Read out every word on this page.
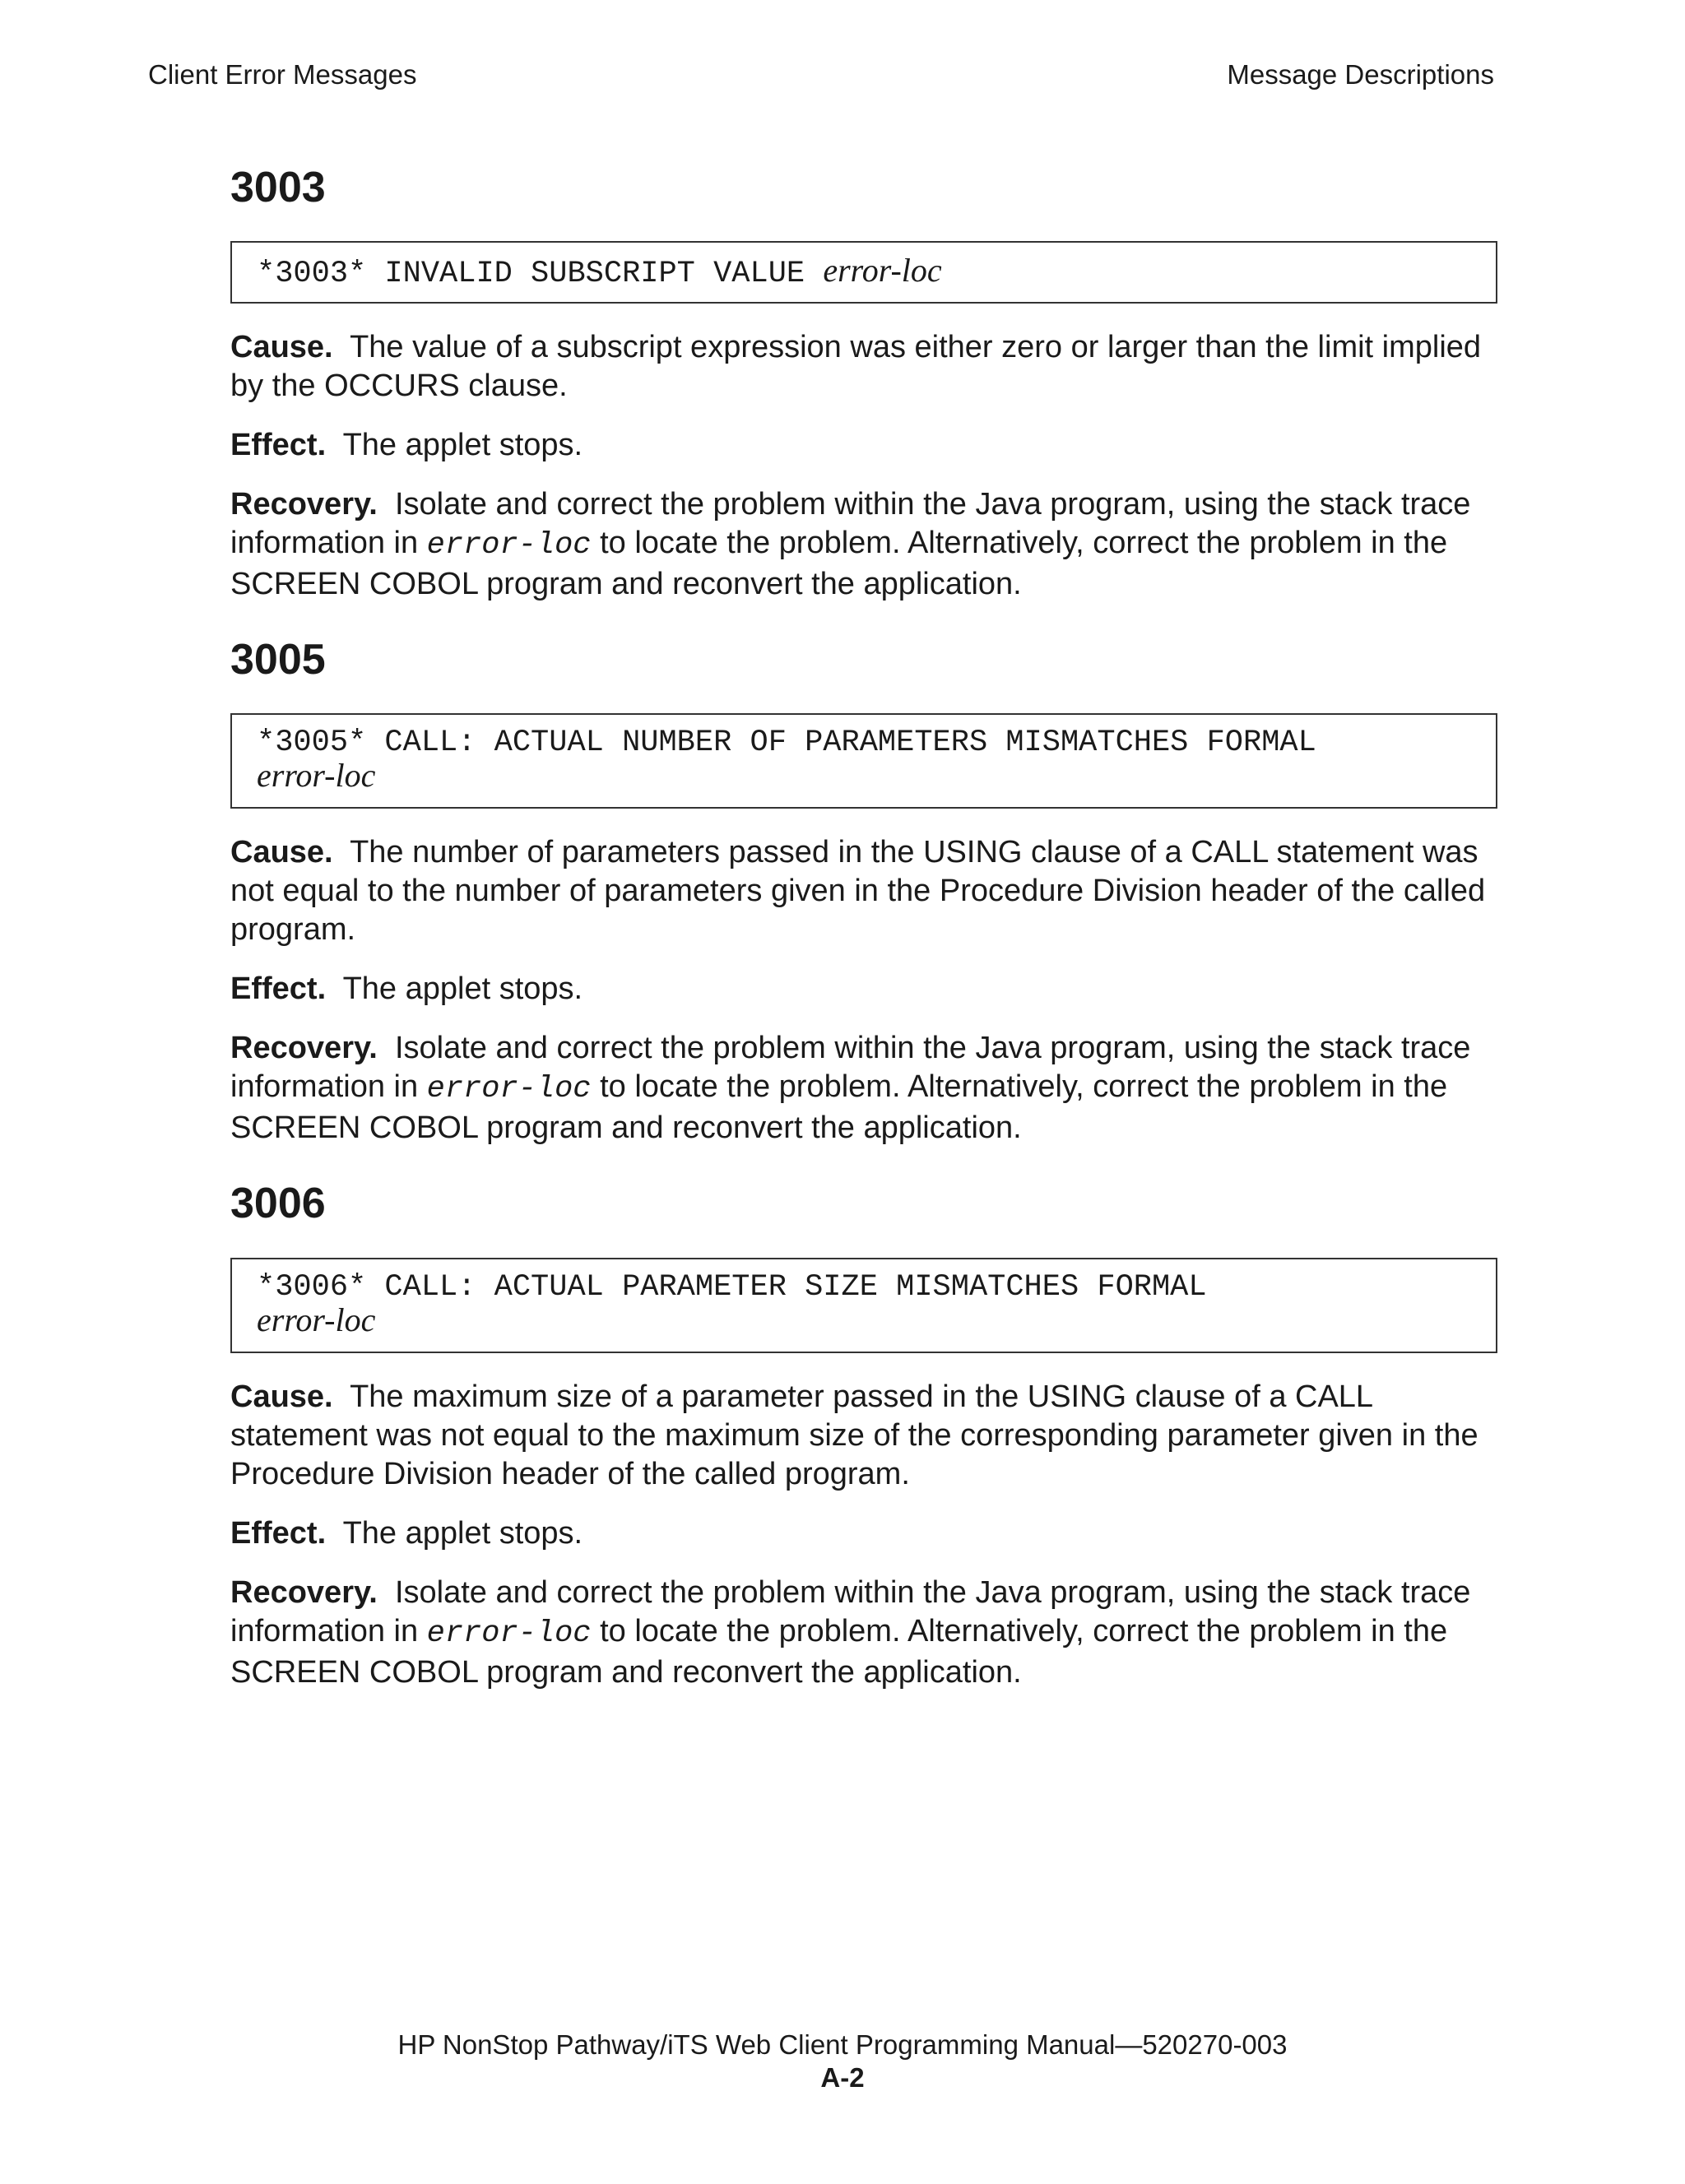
Client Error Messages	Message Descriptions
3003
*3003* INVALID SUBSCRIPT VALUE error-loc

Cause. The value of a subscript expression was either zero or larger than the limit implied by the OCCURS clause.

Effect. The applet stops.

Recovery. Isolate and correct the problem within the Java program, using the stack trace information in error-loc to locate the problem. Alternatively, correct the problem in the SCREEN COBOL program and reconvert the application.

3005
*3005* CALL: ACTUAL NUMBER OF PARAMETERS MISMATCHES FORMAL
error-loc

Cause. The number of parameters passed in the USING clause of a CALL statement was not equal to the number of parameters given in the Procedure Division header of the called program.

Effect. The applet stops.

Recovery. Isolate and correct the problem within the Java program, using the stack trace information in error-loc to locate the problem. Alternatively, correct the problem in the SCREEN COBOL program and reconvert the application.

3006
*3006* CALL: ACTUAL PARAMETER SIZE MISMATCHES FORMAL
error-loc

Cause. The maximum size of a parameter passed in the USING clause of a CALL statement was not equal to the maximum size of the corresponding parameter given in the Procedure Division header of the called program.

Effect. The applet stops.

Recovery. Isolate and correct the problem within the Java program, using the stack trace information in error-loc to locate the problem. Alternatively, correct the problem in the SCREEN COBOL program and reconvert the application.

HP NonStop Pathway/iTS Web Client Programming Manual—520270-003
A-2
